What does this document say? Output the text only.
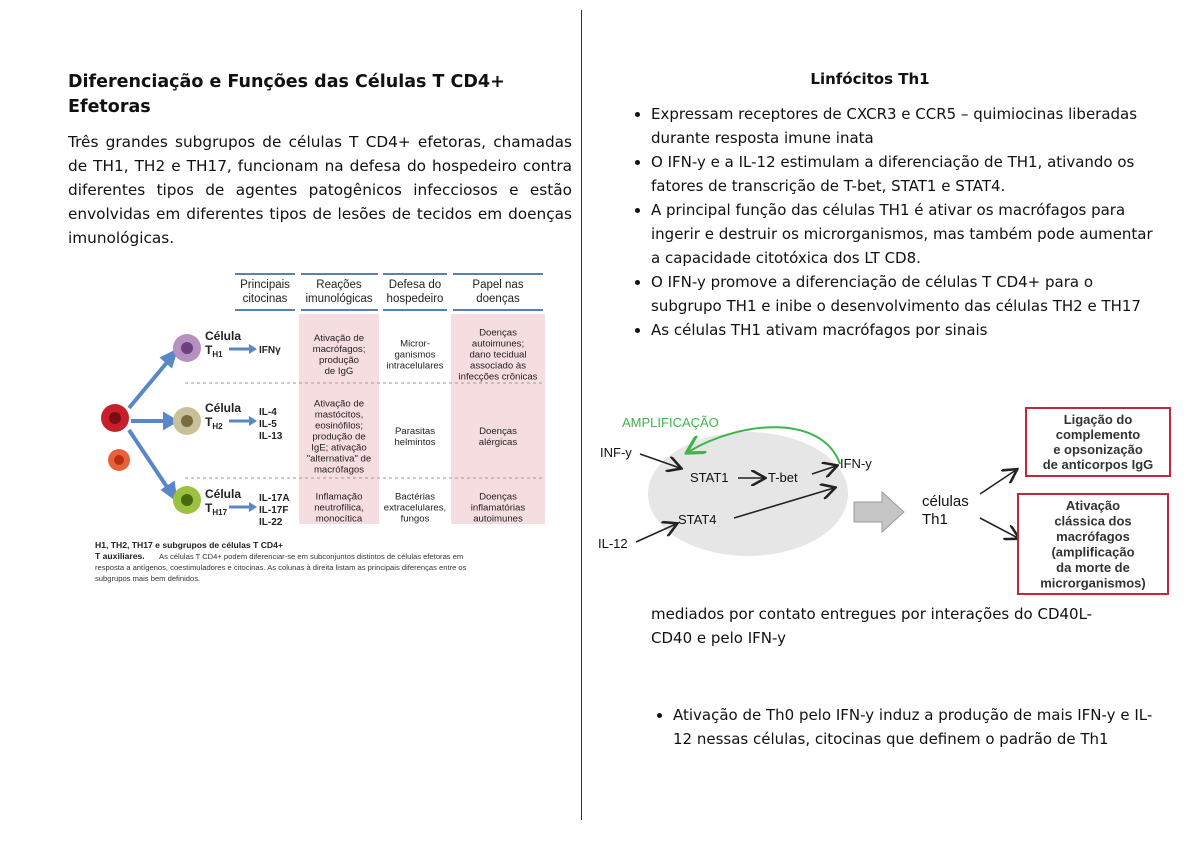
Diferenciação e Funções das Células T CD4+ Efetoras

Três grandes subgrupos de células T CD4+ efetoras, chamadas de TH1, TH2 e TH17, funcionam na defesa do hospedeiro contra diferentes tipos de agentes patogênicos infecciosos e estão envolvidas em diferentes tipos de lesões de tecidos em doenças imunológicas.

Principais
citocinas
Reações
imunológicas
Defesa do
hospedeiro
Papel nas
doenças
Célula
$T_{H1}$	IFNγ
Ativação de
macrófagos;
produção
de IgG
Micror-
ganismos
intracelulares
Doenças
autoimunes;
dano tecidual
associado às
infecções crônicas
Célula
$T_{H2}$
IL-4
IL-5
IL-13
Ativação de
mastócitos,
eosinófilos;
produção de
IgE; ativação
"alternativa" de
macrófagos
Parasitas
helmintos
Doenças
alérgicas
Célula
$T_{H17}$
IL-17A
IL-17F
IL-22
Inflamação
neutrofílica,
monocítica
Bactérias
extracelulares,
fungos
Doenças
inflamatórias
autoimunes
H1, TH2, TH17 e subgrupos de células T CD4+
T auxiliares. As células T CD4+ podem diferenciar-se em subconjuntos distintos de células efetoras em
resposta a antígenos, coestimuladores e citocinas. As colunas à direita listam as principais diferenças entre os
subgrupos mais bem definidos.
Linfócitos Th1
• Expressam receptores de CXCR3 e CCR5 – quimiocinas liberadas durante resposta imune inata
• O IFN-y e a IL-12 estimulam a diferenciação de TH1, ativando os fatores de transcrição de T-bet, STAT1 e STAT4.
• A principal função das células TH1 é ativar os macrófagos para ingerir e destruir os microrganismos, mas também pode aumentar a capacidade citotóxica dos LT CD8.
• O IFN-y promove a diferenciação de células T CD4+ para o subgrupo TH1 e inibe o desenvolvimento das células TH2 e TH17
• As células TH1 ativam macrófagos por sinais
AMPLIFICAÇÃO
INF-y
IL-12
STAT1	T-bet
IFN-y
STAT4
células
Th1
Ligação do
complemento
e opsonização
de anticorpos IgG
Ativação
clássica dos
macrófagos
(amplificação
da morte de
microrganismos)
mediados por contato entregues por interações do CD40L-CD40 e pelo IFN-y
• Ativação de Th0 pelo IFN-y induz a produção de mais IFN-y e IL-12 nessas células, citocinas que definem o padrão de Th1
